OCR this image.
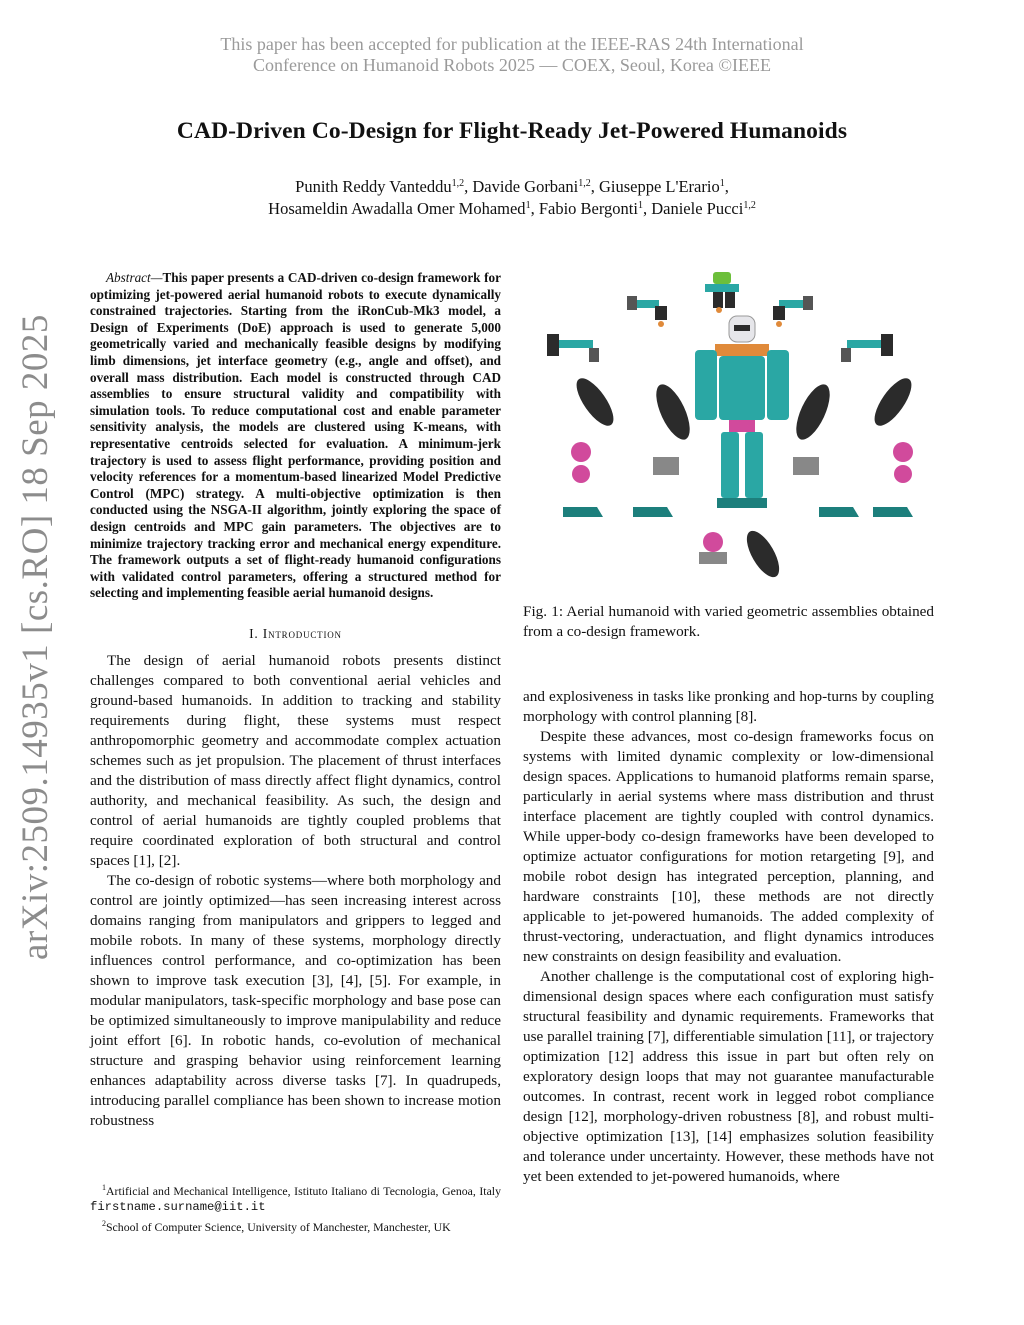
This paper has been accepted for publication at the IEEE-RAS 24th International
Conference on Humanoid Robots 2025 — COEX, Seoul, Korea ©IEEE
CAD-Driven Co-Design for Flight-Ready Jet-Powered Humanoids
Punith Reddy Vanteddu$^{1,2}$, Davide Gorbani$^{1,2}$, Giuseppe L'Erario$^1$,
Hosameldin Awadalla Omer Mohamed$^1$, Fabio Bergonti$^1$, Daniele Pucci$^{1,2}$
arXiv:2509.14935v1 [cs.RO] 18 Sep 2025

Abstract—This paper presents a CAD-driven co-design framework for optimizing jet-powered aerial humanoid robots to execute dynamically constrained trajectories. Starting from the iRonCub-Mk3 model, a Design of Experiments (DoE) approach is used to generate 5,000 geometrically varied and mechanically feasible designs by modifying limb dimensions, jet interface geometry (e.g., angle and offset), and overall mass distribution. Each model is constructed through CAD assemblies to ensure structural validity and compatibility with simulation tools. To reduce computational cost and enable parameter sensitivity analysis, the models are clustered using K-means, with representative centroids selected for evaluation. A minimum-jerk trajectory is used to assess flight performance, providing position and velocity references for a momentum-based linearized Model Predictive Control (MPC) strategy. A multi-objective optimization is then conducted using the NSGA-II algorithm, jointly exploring the space of design centroids and MPC gain parameters. The objectives are to minimize trajectory tracking error and mechanical energy expenditure. The framework outputs a set of flight-ready humanoid configurations with validated control parameters, offering a structured method for selecting and implementing feasible aerial humanoid designs.

I. Introduction

The design of aerial humanoid robots presents distinct challenges compared to both conventional aerial vehicles and ground-based humanoids. In addition to tracking and stability requirements during flight, these systems must respect anthropomorphic geometry and accommodate complex actuation schemes such as jet propulsion. The placement of thrust interfaces and the distribution of mass directly affect flight dynamics, control authority, and mechanical feasibility. As such, the design and control of aerial humanoids are tightly coupled problems that require coordinated exploration of both structural and control spaces [1], [2].

The co-design of robotic systems—where both morphology and control are jointly optimized—has seen increasing interest across domains ranging from manipulators and grippers to legged and mobile robots. In many of these systems, morphology directly influences control performance, and co-optimization has been shown to improve task execution [3], [4], [5]. For example, in modular manipulators, task-specific morphology and base pose can be optimized simultaneously to improve manipulability and reduce joint effort [6]. In robotic hands, co-evolution of mechanical structure and grasping behavior using reinforcement learning enhances adaptability across diverse tasks [7]. In quadrupeds, introducing parallel compliance has been shown to increase motion robustness

$^1$Artificial and Mechanical Intelligence, Istituto Italiano di Tecnologia, Genoa, Italy firstname.surname@iit.it
$^2$School of Computer Science, University of Manchester, Manchester, UK
Fig. 1: Aerial humanoid with varied geometric assemblies obtained from a co-design framework.

and explosiveness in tasks like pronking and hop-turns by coupling morphology with control planning [8].

Despite these advances, most co-design frameworks focus on systems with limited dynamic complexity or low-dimensional design spaces. Applications to humanoid platforms remain sparse, particularly in aerial systems where mass distribution and thrust interface placement are tightly coupled with control dynamics. While upper-body co-design frameworks have been developed to optimize actuator configurations for motion retargeting [9], and mobile robot design has integrated perception, planning, and hardware constraints [10], these methods are not directly applicable to jet-powered humanoids. The added complexity of thrust-vectoring, underactuation, and flight dynamics introduces new constraints on design feasibility and evaluation.

Another challenge is the computational cost of exploring high-dimensional design spaces where each configuration must satisfy structural feasibility and dynamic requirements. Frameworks that use parallel training [7], differentiable simulation [11], or trajectory optimization [12] address this issue in part but often rely on exploratory design loops that may not guarantee manufacturable outcomes. In contrast, recent work in legged robot compliance design [12], morphology-driven robustness [8], and robust multi-objective optimization [13], [14] emphasizes solution feasibility and tolerance under uncertainty. However, these methods have not yet been extended to jet-powered humanoids, where
